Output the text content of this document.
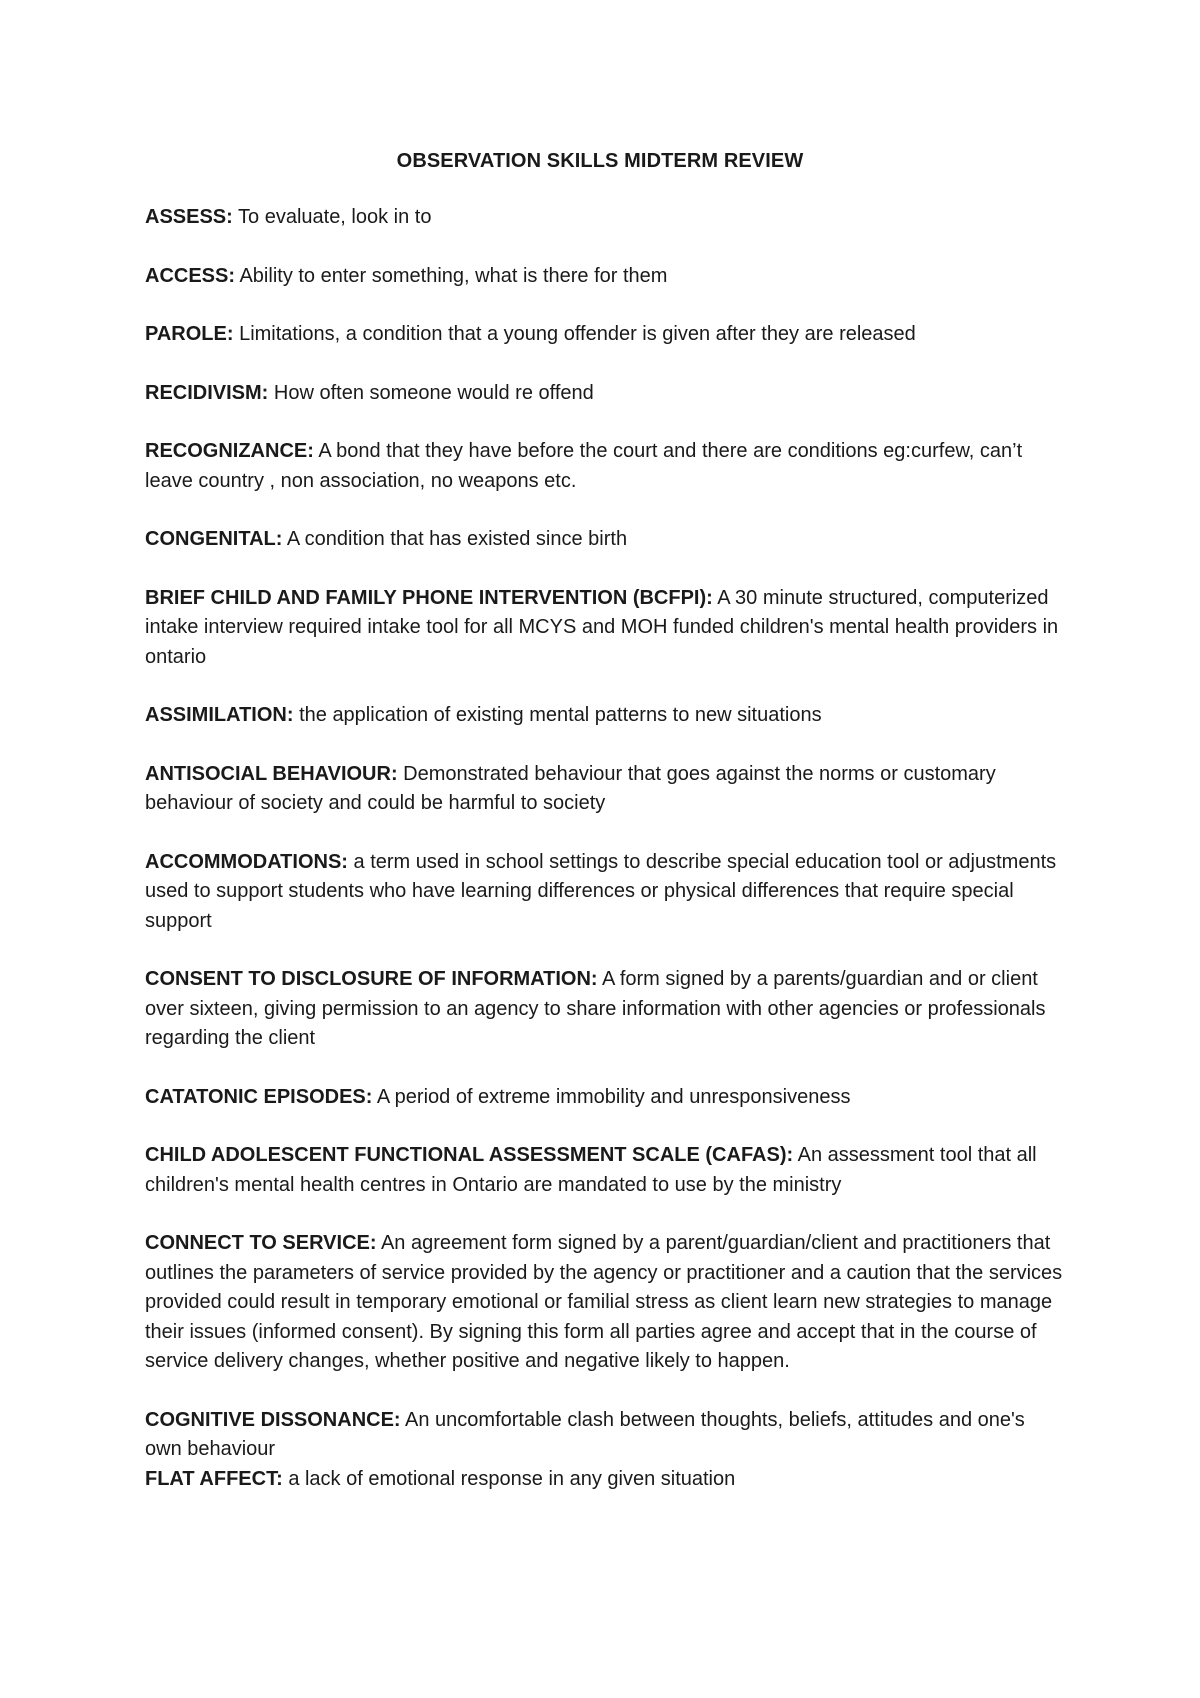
OBSERVATION SKILLS MIDTERM REVIEW
ASSESS: To evaluate, look in to
ACCESS: Ability to enter something, what is there for them
PAROLE: Limitations, a condition that a young offender is given after they are released
RECIDIVISM: How often someone would re offend
RECOGNIZANCE: A bond that they have before the court and there are conditions eg:curfew, can’t leave country , non association, no weapons etc.
CONGENITAL: A condition that has existed since birth
BRIEF CHILD AND FAMILY PHONE INTERVENTION (BCFPI): A 30 minute structured, computerized intake interview required intake tool for all MCYS and MOH funded children's mental health providers in ontario
ASSIMILATION: the application of existing mental patterns to new situations
ANTISOCIAL BEHAVIOUR: Demonstrated behaviour that goes against the norms or customary behaviour of society and could be harmful to society
ACCOMMODATIONS: a term used in school settings to describe special education tool or adjustments used to support students who have learning differences or physical differences that require special support
CONSENT TO DISCLOSURE OF INFORMATION: A form signed by a parents/guardian and or client over sixteen, giving permission to an agency to share information with other agencies or professionals regarding the client
CATATONIC EPISODES: A period of extreme immobility and unresponsiveness
CHILD ADOLESCENT FUNCTIONAL ASSESSMENT SCALE (CAFAS): An assessment tool that all children's mental health centres in Ontario are mandated to use by the ministry
CONNECT TO SERVICE: An agreement form signed by a parent/guardian/client and practitioners that outlines the parameters of service provided by the agency or practitioner and a caution that the services provided could result in temporary emotional or familial stress as client learn new strategies to manage their issues (informed consent). By signing this form all parties agree and accept that in the course of service delivery changes, whether positive and negative likely to happen.
COGNITIVE DISSONANCE: An uncomfortable clash between thoughts, beliefs, attitudes and one's own behaviour
FLAT AFFECT: a lack of emotional response in any given situation
